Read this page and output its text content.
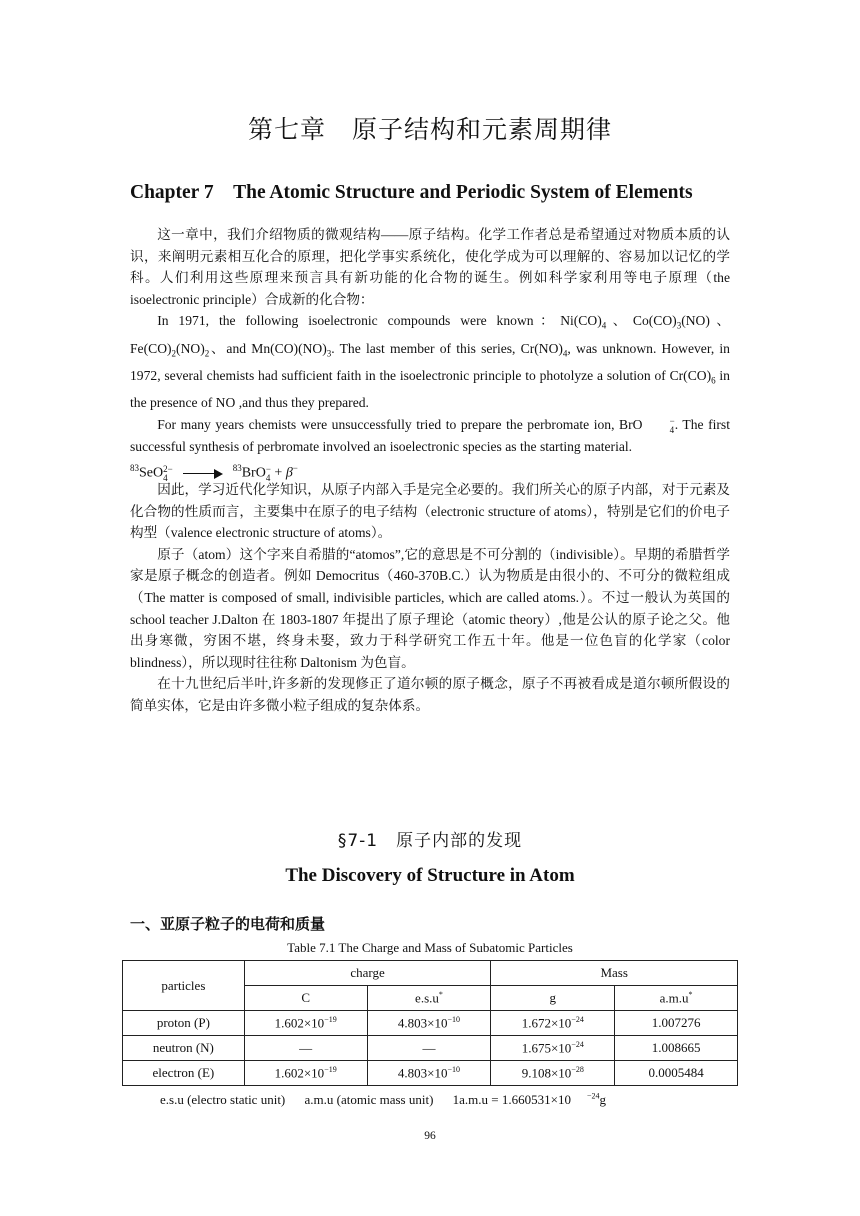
第七章　原子结构和元素周期律
Chapter 7　The Atomic Structure and Periodic System of Elements

这一章中，我们介绍物质的微观结构——原子结构。化学工作者总是希望通过对物质本质的认识，来阐明元素相互化合的原理，把化学事实系统化，使化学成为可以理解的、容易加以记忆的学科。人们利用这些原理来预言具有新功能的化合物的诞生。例如科学家利用等电子原理（the isoelectronic principle）合成新的化合物：

In 1971, the following isoelectronic compounds were known：$Ni(CO)_4$、$Co(CO)_3(NO)$、$Fe(CO)_2(NO)_2$、and $Mn(CO)(NO)_3$. The last member of this series, $Cr(NO)_4$, was unknown. However, in 1972, several chemists had sufficient faith in the isoelectronic principle to photolyze a solution of $Cr(CO)_6$ in the presence of NO ,and thus they prepared.

For many years chemists were unsuccessfully tried to prepare the perbromate ion, BrO	−
4 . The first successful synthesis of perbromate involved an isoelectronic species as the starting material.

$^{83}$SeO 2−
4
$^{83}$BrO −
4 + β−

因此，学习近代化学知识，从原子内部入手是完全必要的。我们所关心的原子内部，对于元素及化合物的性质而言，主要集中在原子的电子结构（electronic structure of atoms），特别是它们的价电子构型（valence electronic structure of atoms）。

原子（atom）这个字来自希腊的“atomos”,它的意思是不可分割的（indivisible）。早期的希腊哲学家是原子概念的创造者。例如 Democritus（460-370B.C.）认为物质是由很小的、不可分的微粒组成（The matter is composed of small, indivisible particles, which are called atoms.）。不过一般认为英国的 school teacher J.Dalton 在 1803-1807 年提出了原子理论（atomic theory）,他是公认的原子论之父。他出身寒微，穷困不堪，终身未娶，致力于科学研究工作五十年。他是一位色盲的化学家（color blindness），所以现时往往称 Daltonism 为色盲。

在十九世纪后半叶,许多新的发现修正了道尔顿的原子概念，原子不再被看成是道尔顿所假设的简单实体，它是由许多微小粒子组成的复杂体系。

§7-1　原子内部的发现
The Discovery of Structure in Atom
一、亚原子粒子的电荷和质量
Table 7.1 The Charge and Mass of Subatomic Particles
particles	charge		Mass	
	C	e.s.u*	g	a.m.u*
proton (P)	$1.602\times 10^{-19}$	$4.803\times 10^{-10}$	$1.672\times 10^{-24}$	1.007276
neutron (N)	—	—	$1.675\times 10^{-24}$	1.008665
electron (E)	$1.602\times 10^{-19}$	$4.803\times 10^{-10}$	$9.108\times 10^{-28}$	0.0005484
e.s.u (electro static unit) a.m.u (atomic mass unit) 1a.m.u = 1.660531×10 $^{-24}$g
96
